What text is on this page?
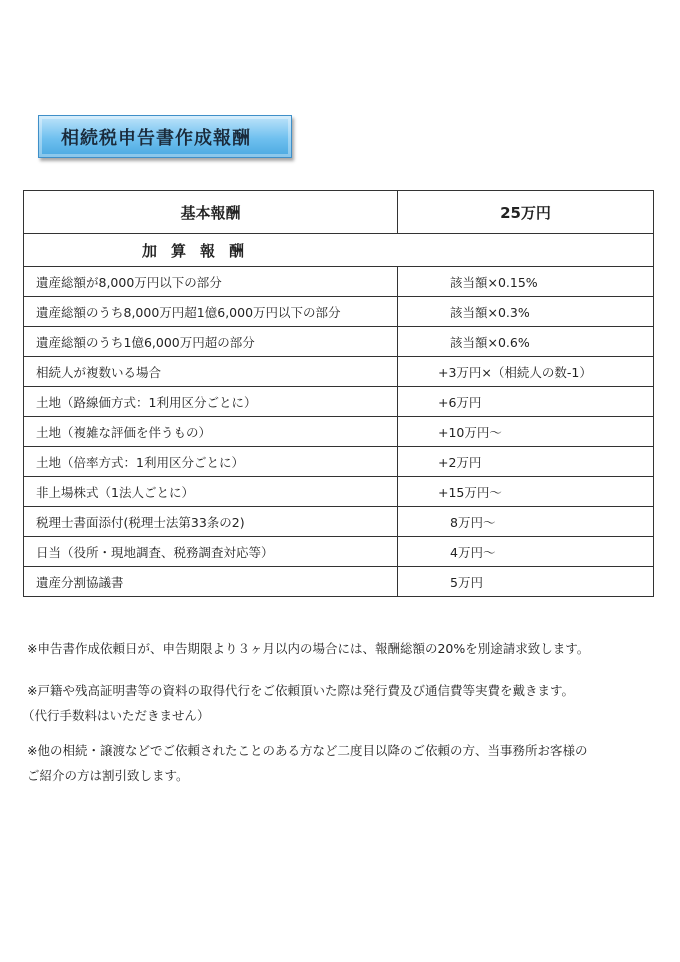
相続税申告書作成報酬
基本報酬	25万円
加算報酬	
遺産総額が8,000万円以下の部分	該当額×0.15%
遺産総額のうち8,000万円超1億6,000万円以下の部分	該当額×0.3%
遺産総額のうち1億6,000万円超の部分	該当額×0.6%
相続人が複数いる場合	+3万円×（相続人の数-1）
土地（路線価方式：1利用区分ごとに）	+6万円
土地（複雑な評価を伴うもの）	+10万円～
土地（倍率方式：1利用区分ごとに）	+2万円
非上場株式（1法人ごとに）	+15万円～
税理士書面添付(税理士法第33条の2)	8万円～
日当（役所・現地調査、税務調査対応等）	4万円～
遺産分割協議書	5万円
※申告書作成依頼日が、申告期限より３ヶ月以内の場合には、報酬総額の20%を別途請求致します。
※戸籍や残高証明書等の資料の取得代行をご依頼頂いた際は発行費及び通信費等実費を戴きます。
（代行手数料はいただきません）
※他の相続・譲渡などでご依頼されたことのある方など二度目以降のご依頼の方、当事務所お客様の
ご紹介の方は割引致します。
